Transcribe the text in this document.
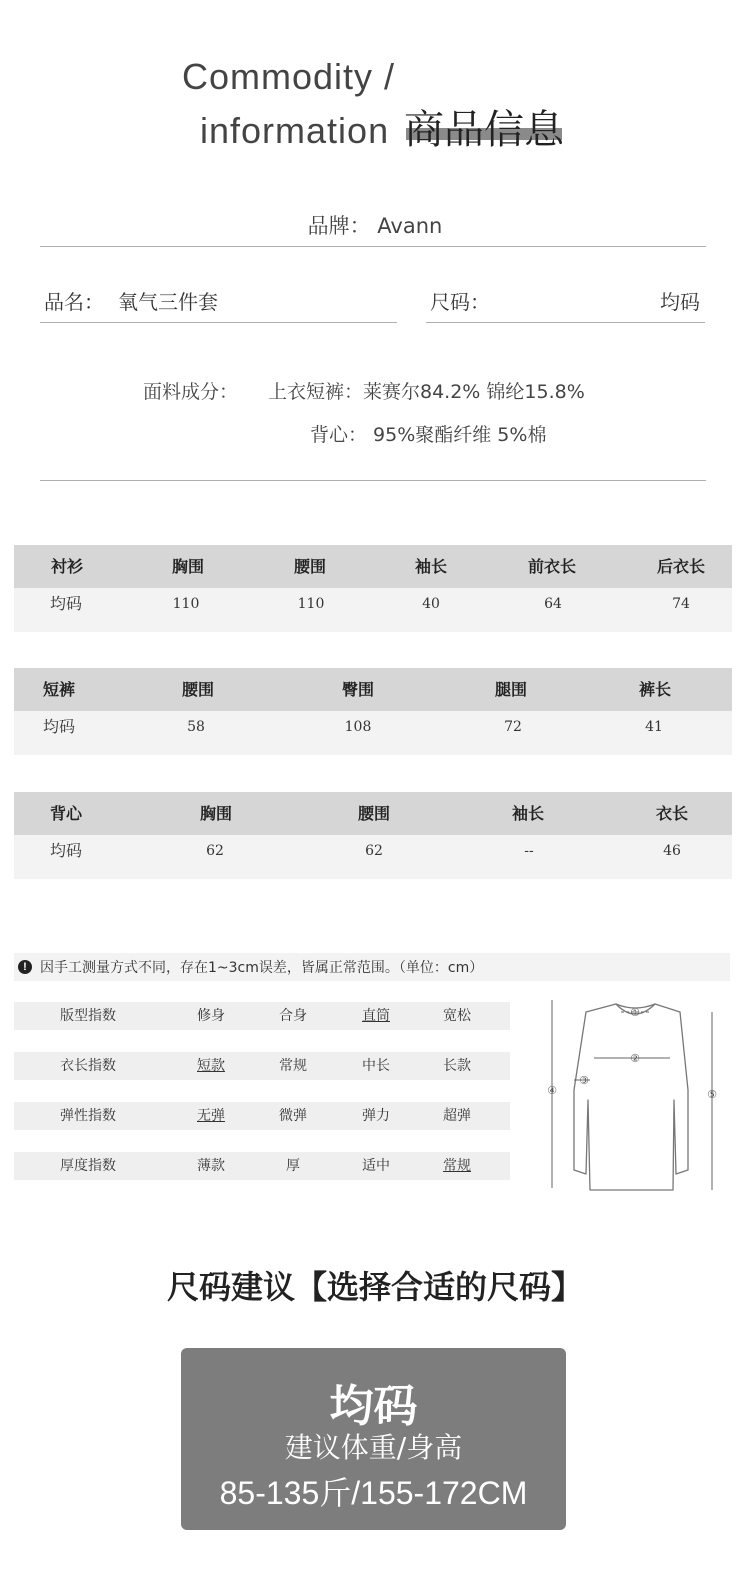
Commodity /
information 商品信息
品牌： Avann
品名： 氧气三件套	尺码：	均码
面料成分： 上衣短裤：莱赛尔84.2% 锦纶15.8%
背心： 95%聚酯纤维 5%棉
衬衫	胸围	腰围	袖长	前衣长	后衣长
均码	110	110	40	64	74
短裤	腰围	臀围	腿围	裤长
均码	58	108	72	41
背心	胸围	腰围	袖长	衣长
均码	62	62	--	46
! 因手工测量方式不同，存在1~3cm误差，皆属正常范围。（单位：cm）
版型指数	修身	合身	直筒	宽松
衣长指数	短款	常规	中长	长款
弹性指数	无弹	微弹	弹力	超弹
厚度指数	薄款	厚	适中	常规
①
②
③
④	⑤
尺码建议【选择合适的尺码】
均码
建议体重/身高
85-135斤/155-172CM
